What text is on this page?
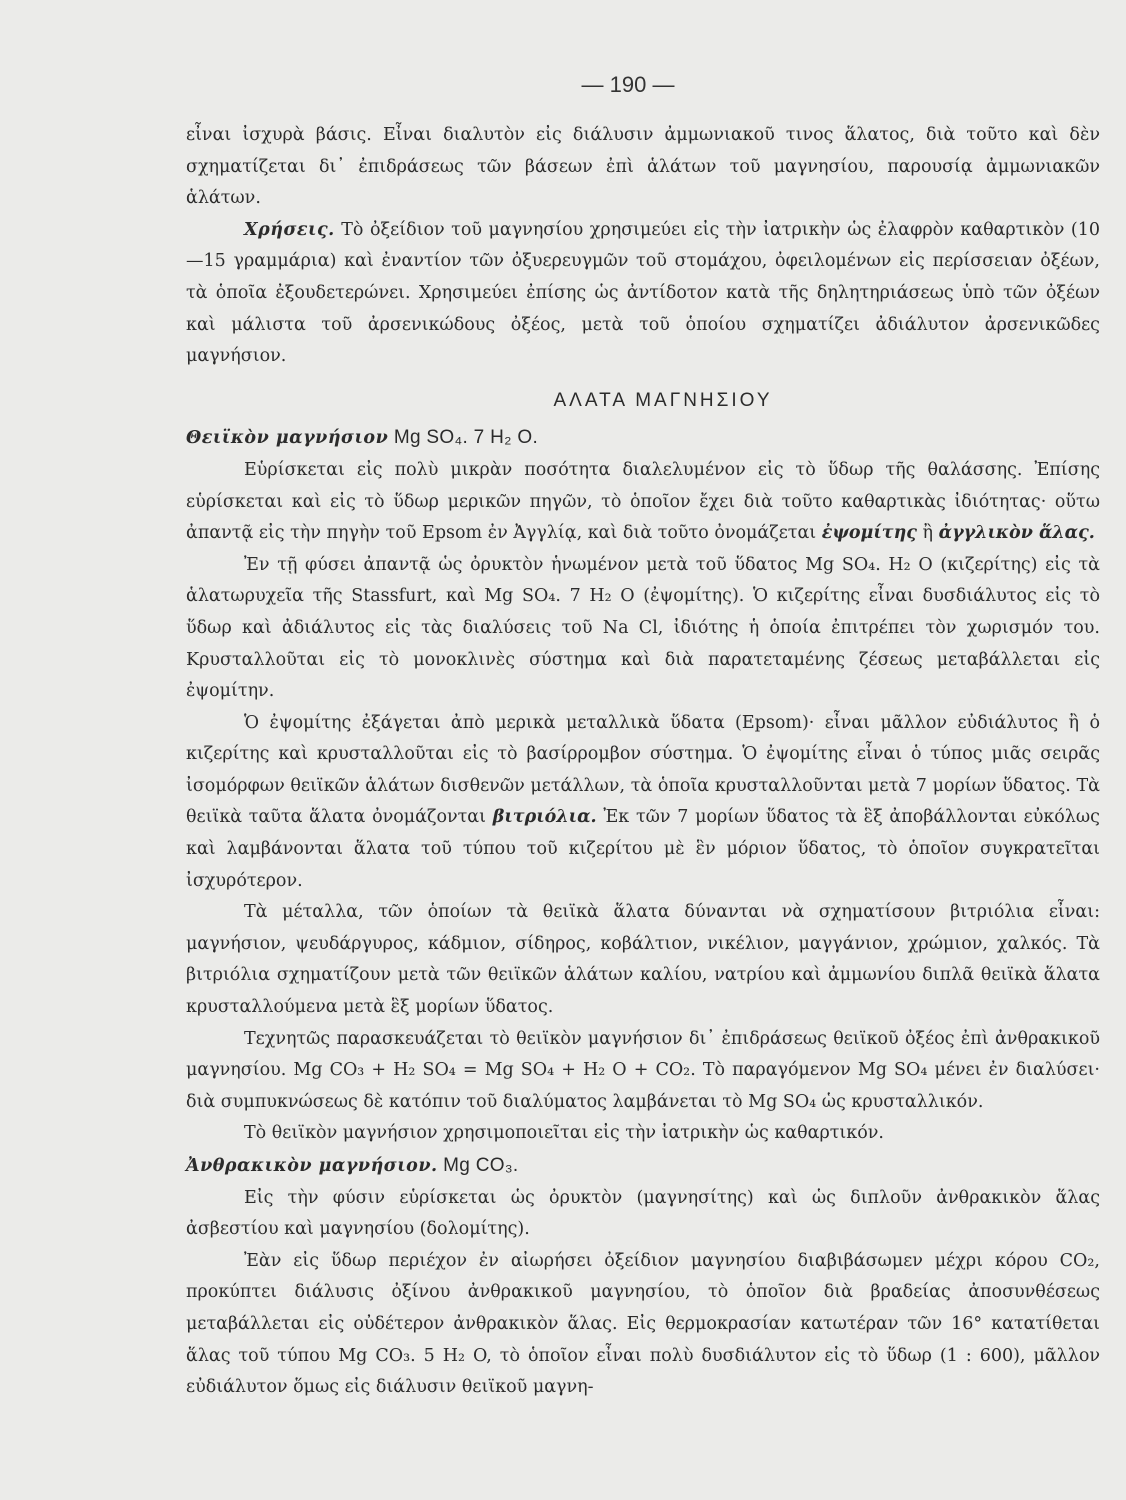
— 190 —

εἶναι ἰσχυρὰ βάσις. Εἶναι διαλυτὸν εἰς διάλυσιν ἀμμωνιακοῦ τινος ἅλατος, διὰ τοῦτο καὶ δὲν σχηματίζεται δι᾽ ἐπιδράσεως τῶν βάσεων ἐπὶ ἁλάτων τοῦ μαγνησίου, παρουσίᾳ ἀμμωνιακῶν ἁλάτων.

Χρήσεις. Τὸ ὀξείδιον τοῦ μαγνησίου χρησιμεύει εἰς τὴν ἰατρικὴν ὡς ἐλαφρὸν καθαρτικὸν (10—15 γραμμάρια) καὶ ἐναντίον τῶν ὀξυερευγμῶν τοῦ στομάχου, ὀφειλομένων εἰς περίσσειαν ὀξέων, τὰ ὁποῖα ἐξουδετερώνει. Χρησιμεύει ἐπίσης ὡς ἀντίδοτον κατὰ τῆς δηλητηριάσεως ὑπὸ τῶν ὀξέων καὶ μάλιστα τοῦ ἀρσενικώδους ὀξέος, μετὰ τοῦ ὁποίου σχηματίζει ἀδιάλυτον ἀρσενικῶδες μαγνήσιον.

ΑΛΑΤΑ ΜΑΓΝΗΣΙΟΥ

Θειϊκὸν μαγνήσιον Mg SO₄. 7 H₂ O.

Εὑρίσκεται εἰς πολὺ μικρὰν ποσότητα διαλελυμένον εἰς τὸ ὕδωρ τῆς θαλάσσης. Ἐπίσης εὑρίσκεται καὶ εἰς τὸ ὕδωρ μερικῶν πηγῶν, τὸ ὁποῖον ἔχει διὰ τοῦτο καθαρτικὰς ἰδιότητας· οὕτω ἀπαντᾷ εἰς τὴν πηγὴν τοῦ Epsom ἐν Ἀγγλίᾳ, καὶ διὰ τοῦτο ὀνομάζεται ἐψομίτης ἢ ἀγγλικὸν ἅλας.

Ἐν τῇ φύσει ἀπαντᾷ ὡς ὀρυκτὸν ἡνωμένον μετὰ τοῦ ὕδατος Mg SO₄. H₂ O (κιζερίτης) εἰς τὰ ἁλατωρυχεῖα τῆς Stassfurt, καὶ Mg SO₄. 7 H₂ O (ἐψομίτης). Ὁ κιζερίτης εἶναι δυσδιάλυτος εἰς τὸ ὕδωρ καὶ ἀδιάλυτος εἰς τὰς διαλύσεις τοῦ Na Cl, ἰδιότης ἡ ὁποία ἐπιτρέπει τὸν χωρισμόν του. Κρυσταλλοῦται εἰς τὸ μονοκλινὲς σύστημα καὶ διὰ παρατεταμένης ζέσεως μεταβάλλεται εἰς ἐψομίτην.

Ὁ ἐψομίτης ἐξάγεται ἀπὸ μερικὰ μεταλλικὰ ὕδατα (Epsom)· εἶναι μᾶλλον εὐδιάλυτος ἢ ὁ κιζερίτης καὶ κρυσταλλοῦται εἰς τὸ βασίρρομβον σύστημα. Ὁ ἐψομίτης εἶναι ὁ τύπος μιᾶς σειρᾶς ἰσομόρφων θειϊκῶν ἁλάτων δισθενῶν μετάλλων, τὰ ὁποῖα κρυσταλλοῦνται μετὰ 7 μορίων ὕδατος. Τὰ θειϊκὰ ταῦτα ἅλατα ὀνομάζονται βιτριόλια. Ἐκ τῶν 7 μορίων ὕδατος τὰ ἓξ ἀποβάλλονται εὐκόλως καὶ λαμβάνονται ἅλατα τοῦ τύπου τοῦ κιζερίτου μὲ ἓν μόριον ὕδατος, τὸ ὁποῖον συγκρατεῖται ἰσχυρότερον.

Τὰ μέταλλα, τῶν ὁποίων τὰ θειϊκὰ ἅλατα δύνανται νὰ σχηματίσουν βιτριόλια εἶναι: μαγνήσιον, ψευδάργυρος, κάδμιον, σίδηρος, κοβάλτιον, νικέλιον, μαγγάνιον, χρώμιον, χαλκός. Τὰ βιτριόλια σχηματίζουν μετὰ τῶν θειϊκῶν ἁλάτων καλίου, νατρίου καὶ ἀμμωνίου διπλᾶ θειϊκὰ ἅλατα κρυσταλλούμενα μετὰ ἓξ μορίων ὕδατος.

Τεχνητῶς παρασκευάζεται τὸ θειϊκὸν μαγνήσιον δι᾽ ἐπιδράσεως θειϊκοῦ ὀξέος ἐπὶ ἀνθρακικοῦ μαγνησίου. Mg CO₃ + H₂ SO₄ = Mg SO₄ + H₂ O + CO₂. Τὸ παραγόμενον Mg SO₄ μένει ἐν διαλύσει· διὰ συμπυκνώσεως δὲ κατόπιν τοῦ διαλύματος λαμβάνεται τὸ Mg SO₄ ὡς κρυσταλλικόν.

Τὸ θειϊκὸν μαγνήσιον χρησιμοποιεῖται εἰς τὴν ἰατρικὴν ὡς καθαρτικόν.

Ἀνθρακικὸν μαγνήσιον. Mg CO₃.

Εἰς τὴν φύσιν εὑρίσκεται ὡς ὀρυκτὸν (μαγνησίτης) καὶ ὡς διπλοῦν ἀνθρακικὸν ἅλας ἀσβεστίου καὶ μαγνησίου (δολομίτης).

Ἐὰν εἰς ὕδωρ περιέχον ἐν αἰωρήσει ὀξείδιον μαγνησίου διαβιβάσωμεν μέχρι κόρου CO₂, προκύπτει διάλυσις ὀξίνου ἀνθρακικοῦ μαγνησίου, τὸ ὁποῖον διὰ βραδείας ἀποσυνθέσεως μεταβάλλεται εἰς οὐδέτερον ἀνθρακικὸν ἅλας. Εἰς θερμοκρασίαν κατωτέραν τῶν 16° κατατίθεται ἅλας τοῦ τύπου Mg CO₃. 5 H₂ O, τὸ ὁποῖον εἶναι πολὺ δυσδιάλυτον εἰς τὸ ὕδωρ (1 : 600), μᾶλλον εὐδιάλυτον ὅμως εἰς διάλυσιν θειϊκοῦ μαγνη-
